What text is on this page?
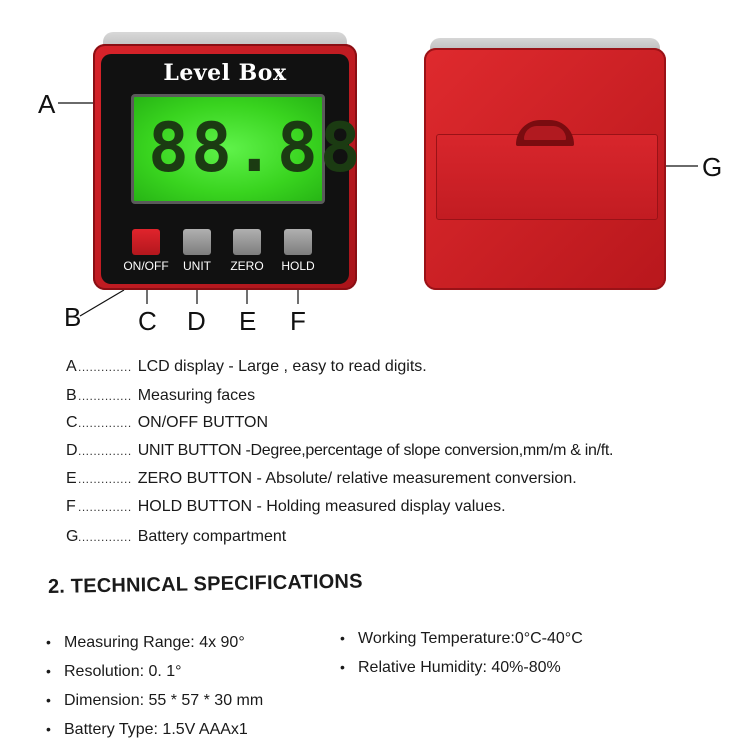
Level Box
88.88
ON/OFF	UNIT	ZERO	HOLD
A
B C D E F
G
A.............. LCD display - Large , easy to read digits.
B.............. Measuring faces
C.............. ON/OFF BUTTON
D.............. UNIT BUTTON -Degree,percentage of slope conversion,mm/m & in/ft.
E.............. ZERO BUTTON - Absolute/ relative measurement conversion.
F .............. HOLD BUTTON - Holding measured display values.
G.............. Battery compartment
2. TECHNICAL SPECIFICATIONS
• Measuring Range: 4x 90°
• Resolution: 0. 1°
• Dimension: 55 * 57 * 30 mm
• Battery Type: 1.5V AAAx1
• Working Temperature:0°C-40°C
• Relative Humidity: 40%-80%
